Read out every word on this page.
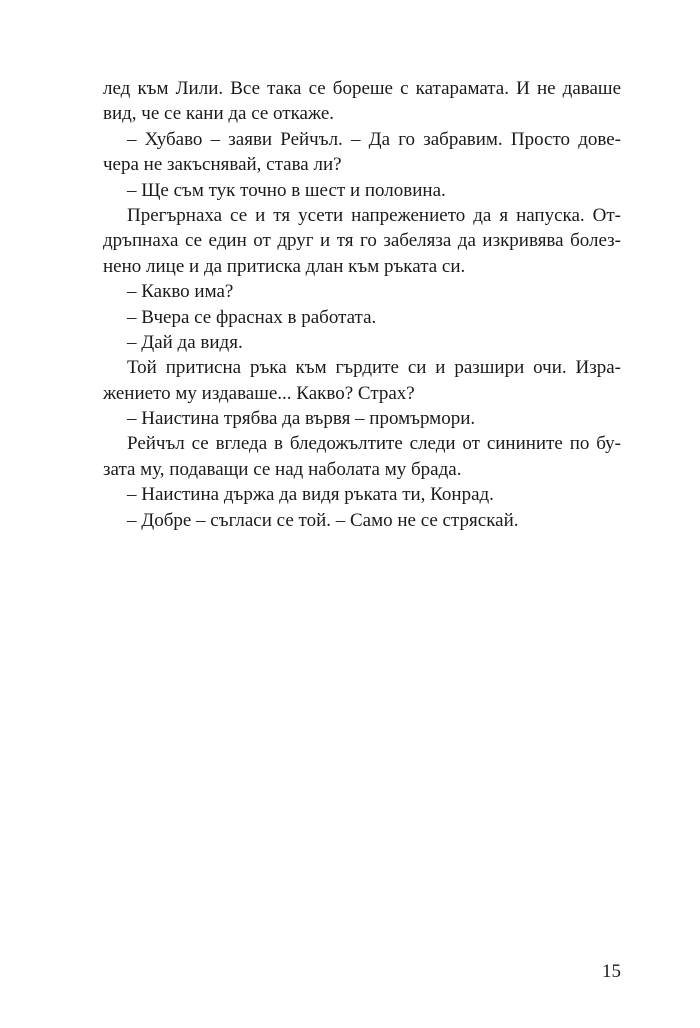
лед към Лили. Все така се бореше с катарамата. И не даваше
вид, че се кани да се откаже.
– Хубаво – заяви Рейчъл. – Да го забравим. Просто дове-
чера не закъснявай, става ли?
– Ще съм тук точно в шест и половина.
Прегърнаха се и тя усети напрежението да я напуска. От-
дръпнаха се един от друг и тя го забеляза да изкривява болез-
нено лице и да притиска длан към ръката си.
– Какво има?
– Вчера се фраснах в работата.
– Дай да видя.
Той притисна ръка към гърдите си и разшири очи. Изра-
жението му издаваше... Какво? Страх?
– Наистина трябва да вървя – промърмори.
Рейчъл се вгледа в бледожълтите следи от синините по бу-
зата му, подаващи се над наболата му брада.
– Наистина държа да видя ръката ти, Конрад.
– Добре – съгласи се той. – Само не се стряскай.
15
